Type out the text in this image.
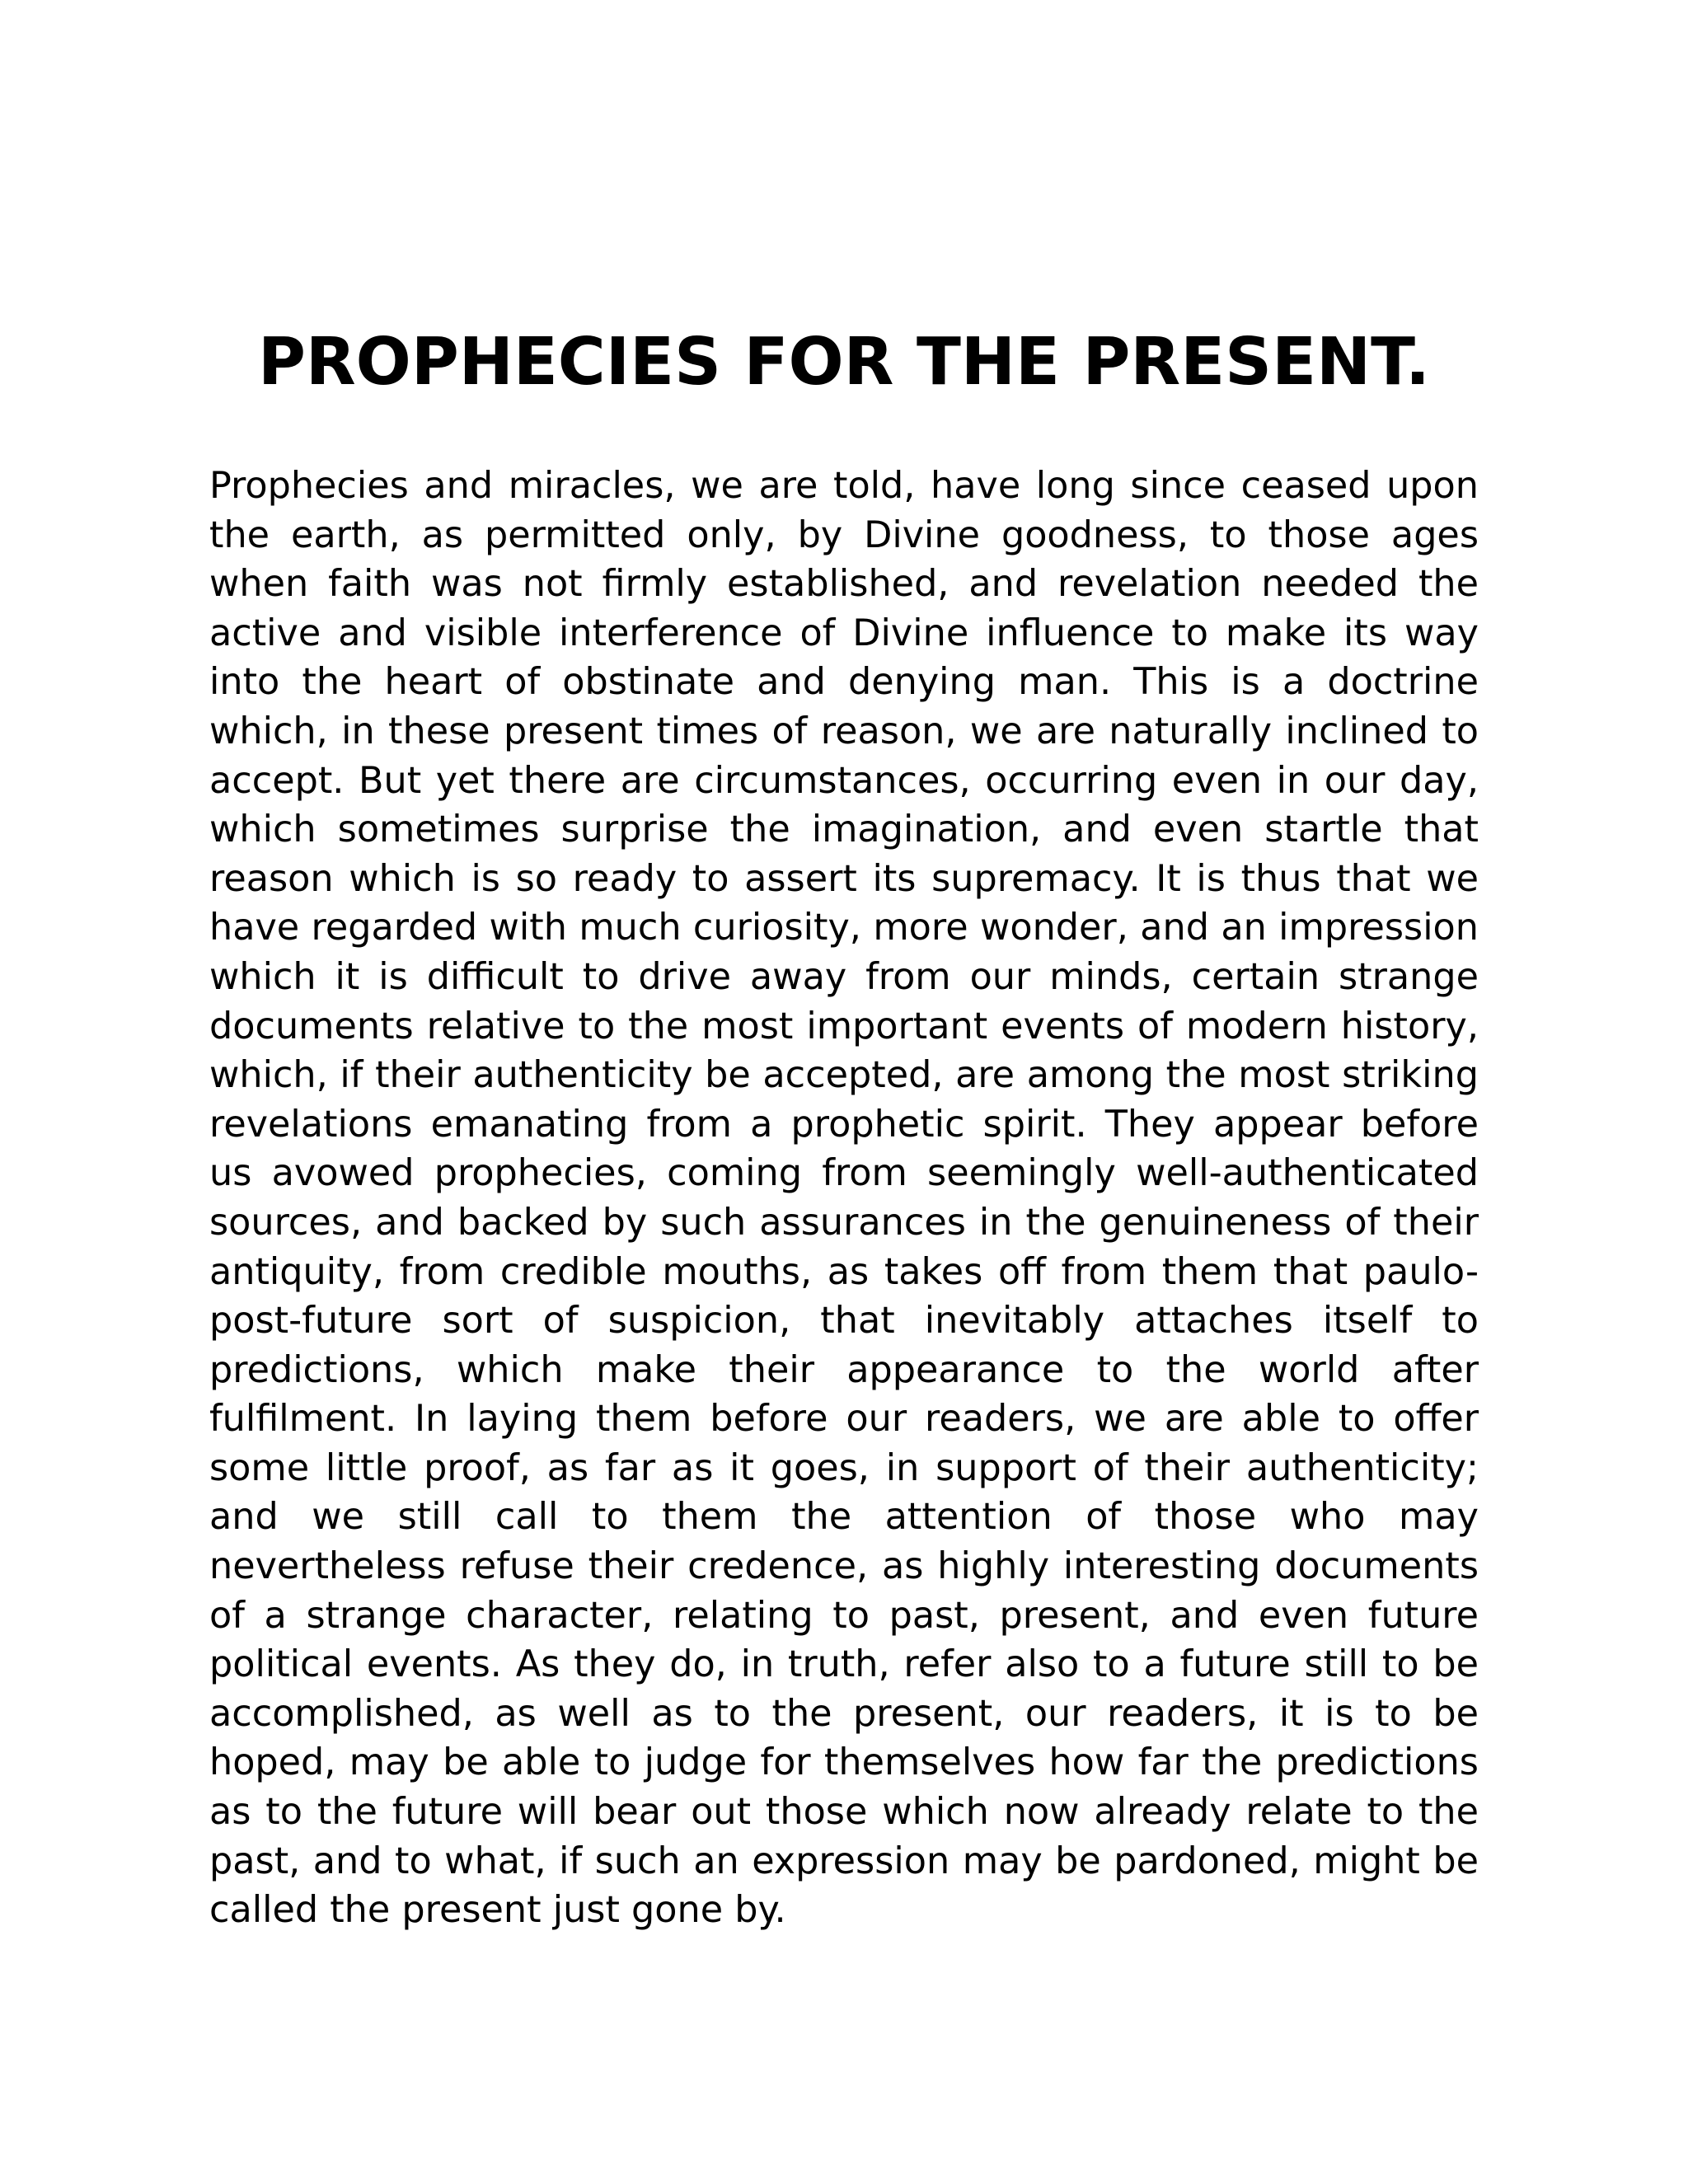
PROPHECIES FOR THE PRESENT.

Prophecies and miracles, we are told, have long since ceased upon the earth, as permitted only, by Divine goodness, to those ages when faith was not firmly established, and revelation needed the active and visible interference of Divine influence to make its way into the heart of obstinate and denying man. This is a doctrine which, in these present times of reason, we are naturally inclined to accept. But yet there are circumstances, occurring even in our day, which sometimes surprise the imagination, and even startle that reason which is so ready to assert its supremacy. It is thus that we have regarded with much curiosity, more wonder, and an impression which it is difficult to drive away from our minds, certain strange documents relative to the most important events of modern history, which, if their authenticity be accepted, are among the most striking revelations emanating from a prophetic spirit. They appear before us avowed prophecies, coming from seemingly well-authenticated sources, and backed by such assurances in the genuineness of their antiquity, from credible mouths, as takes off from them that paulo-post-future sort of suspicion, that inevitably attaches itself to predictions, which make their appearance to the world after fulfilment. In laying them before our readers, we are able to offer some little proof, as far as it goes, in support of their authenticity; and we still call to them the attention of those who may nevertheless refuse their credence, as highly interesting documents of a strange character, relating to past, present, and even future political events. As they do, in truth, refer also to a future still to be accomplished, as well as to the present, our readers, it is to be hoped, may be able to judge for themselves how far the predictions as to the future will bear out those which now already relate to the past, and to what, if such an expression may be pardoned, might be called the present just gone by.
